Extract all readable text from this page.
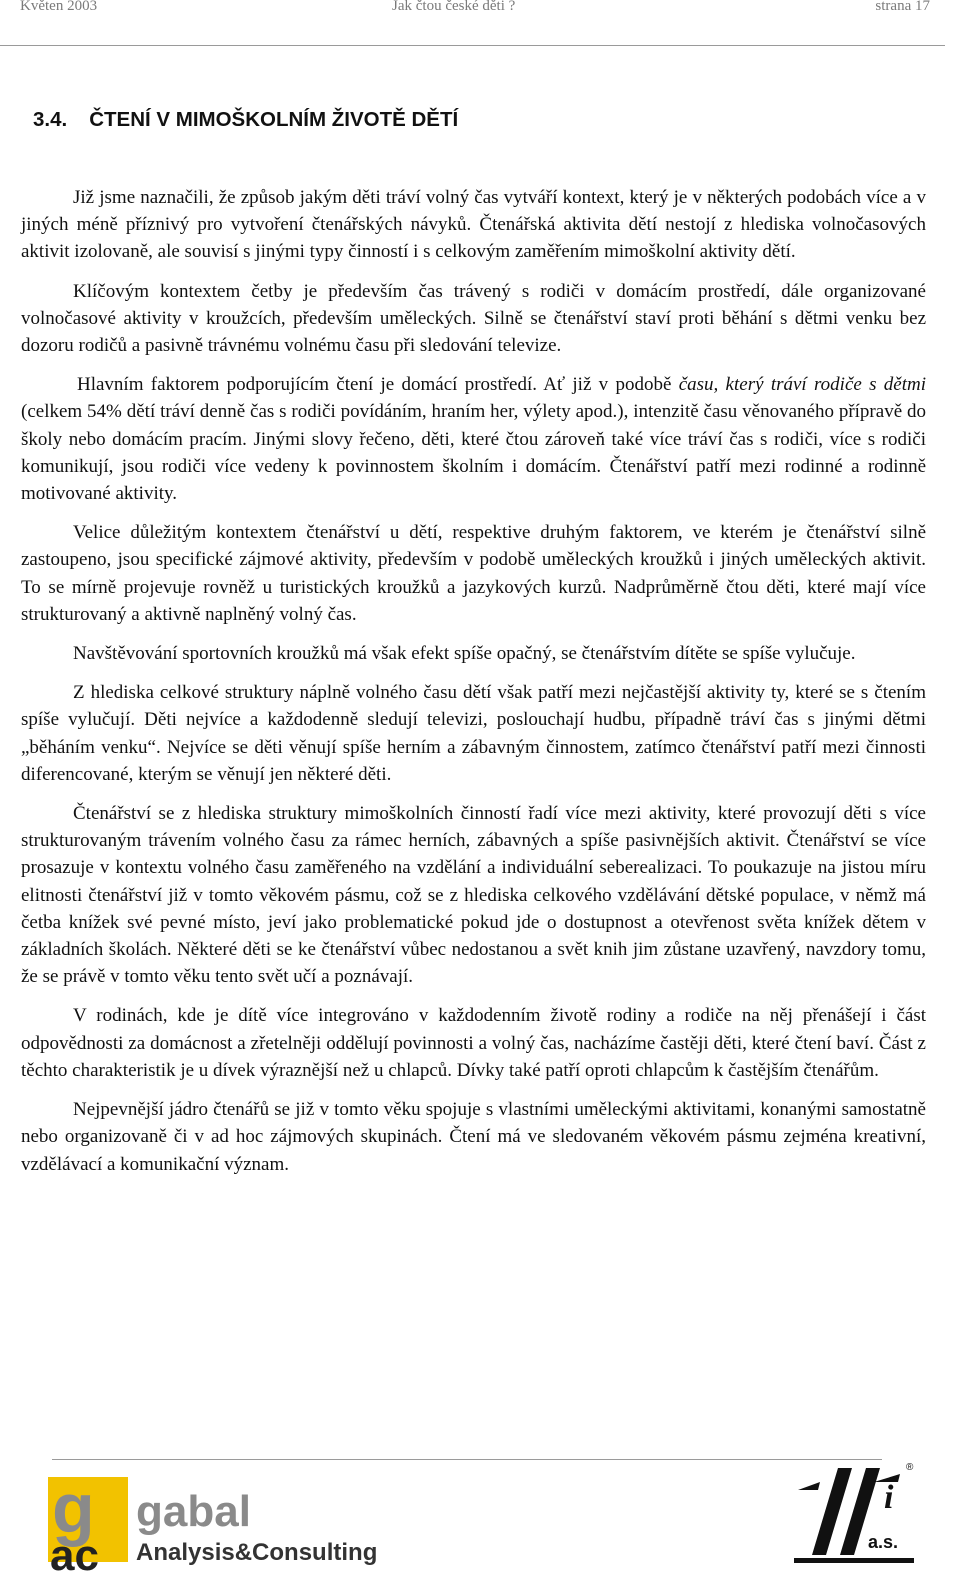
Květen 2003	Jak čtou české děti ?	strana 17
3.4. ČTENÍ V MIMOŠKOLNÍM ŽIVOTĚ DĚTÍ

Již jsme naznačili, že způsob jakým děti tráví volný čas vytváří kontext, který je v některých podobách více a v jiných méně příznivý pro vytvoření čtenářských návyků. Čtenářská aktivita dětí nestojí z hlediska volnočasových aktivit izolovaně, ale souvisí s jinými typy činností i s celkovým zaměřením mimoškolní aktivity dětí.

Klíčovým kontextem četby je především čas trávený s rodiči v domácím prostředí, dále organizované volnočasové aktivity v kroužcích, především uměleckých. Silně se čtenářství staví proti běhání s dětmi venku bez dozoru rodičů a pasivně trávnému volnému času při sledování televize.

Hlavním faktorem podporujícím čtení je domácí prostředí. Ať již v podobě času, který tráví rodiče s dětmi (celkem 54% dětí tráví denně čas s rodiči povídáním, hraním her, výlety apod.), intenzitě času věnovaného přípravě do školy nebo domácím pracím. Jinými slovy řečeno, děti, které čtou zároveň také více tráví čas s rodiči, více s rodiči komunikují, jsou rodiči více vedeny k povinnostem školním i domácím. Čtenářství patří mezi rodinné a rodinně motivované aktivity.

Velice důležitým kontextem čtenářství u dětí, respektive druhým faktorem, ve kterém je čtenářství silně zastoupeno, jsou specifické zájmové aktivity, především v podobě uměleckých kroužků i jiných uměleckých aktivit. To se mírně projevuje rovněž u turistických kroužků a jazykových kurzů. Nadprůměrně čtou děti, které mají více strukturovaný a aktivně naplněný volný čas.

Navštěvování sportovních kroužků má však efekt spíše opačný, se čtenářstvím dítěte se spíše vylučuje.

Z hlediska celkové struktury náplně volného času dětí však patří mezi nejčastější aktivity ty, které se s čtením spíše vylučují. Děti nejvíce a každodenně sledují televizi, poslouchají hudbu, případně tráví čas s jinými dětmi „běháním venku“. Nejvíce se děti věnují spíše herním a zábavným činnostem, zatímco čtenářství patří mezi činnosti diferencované, kterým se věnují jen některé děti.

Čtenářství se z hlediska struktury mimoškolních činností řadí více mezi aktivity, které provozují děti s více strukturovaným trávením volného času za rámec herních, zábavných a spíše pasivnějších aktivit. Čtenářství se více prosazuje v kontextu volného času zaměřeného na vzdělání a individuální seberealizaci. To poukazuje na jistou míru elitnosti čtenářství již v tomto věkovém pásmu, což se z hlediska celkového vzdělávání dětské populace, v němž má četba knížek své pevné místo, jeví jako problematické pokud jde o dostupnost a otevřenost světa knížek dětem v základních školách. Některé děti se ke čtenářství vůbec nedostanou a svět knih jim zůstane uzavřený, navzdory tomu, že se právě v tomto věku tento svět učí a poznávají.

V rodinách, kde je dítě více integrováno v každodenním životě rodiny a rodiče na něj přenášejí i část odpovědnosti za domácnost a zřetelněji oddělují povinnosti a volný čas, nacházíme častěji děti, které čtení baví. Část z těchto charakteristik je u dívek výraznější než u chlapců. Dívky také patří oproti chlapcům k častějším čtenářům.

Nejpevnější jádro čtenářů se již v tomto věku spojuje s vlastními uměleckými aktivitami, konanými samostatně nebo organizovaně či v ad hoc zájmových skupinách. Čtení má ve sledovaném věkovém pásmu zejména kreativní, vzdělávací a komunikační význam.

g
ac
gabal
Analysis&Consulting
i
a.s.
®
